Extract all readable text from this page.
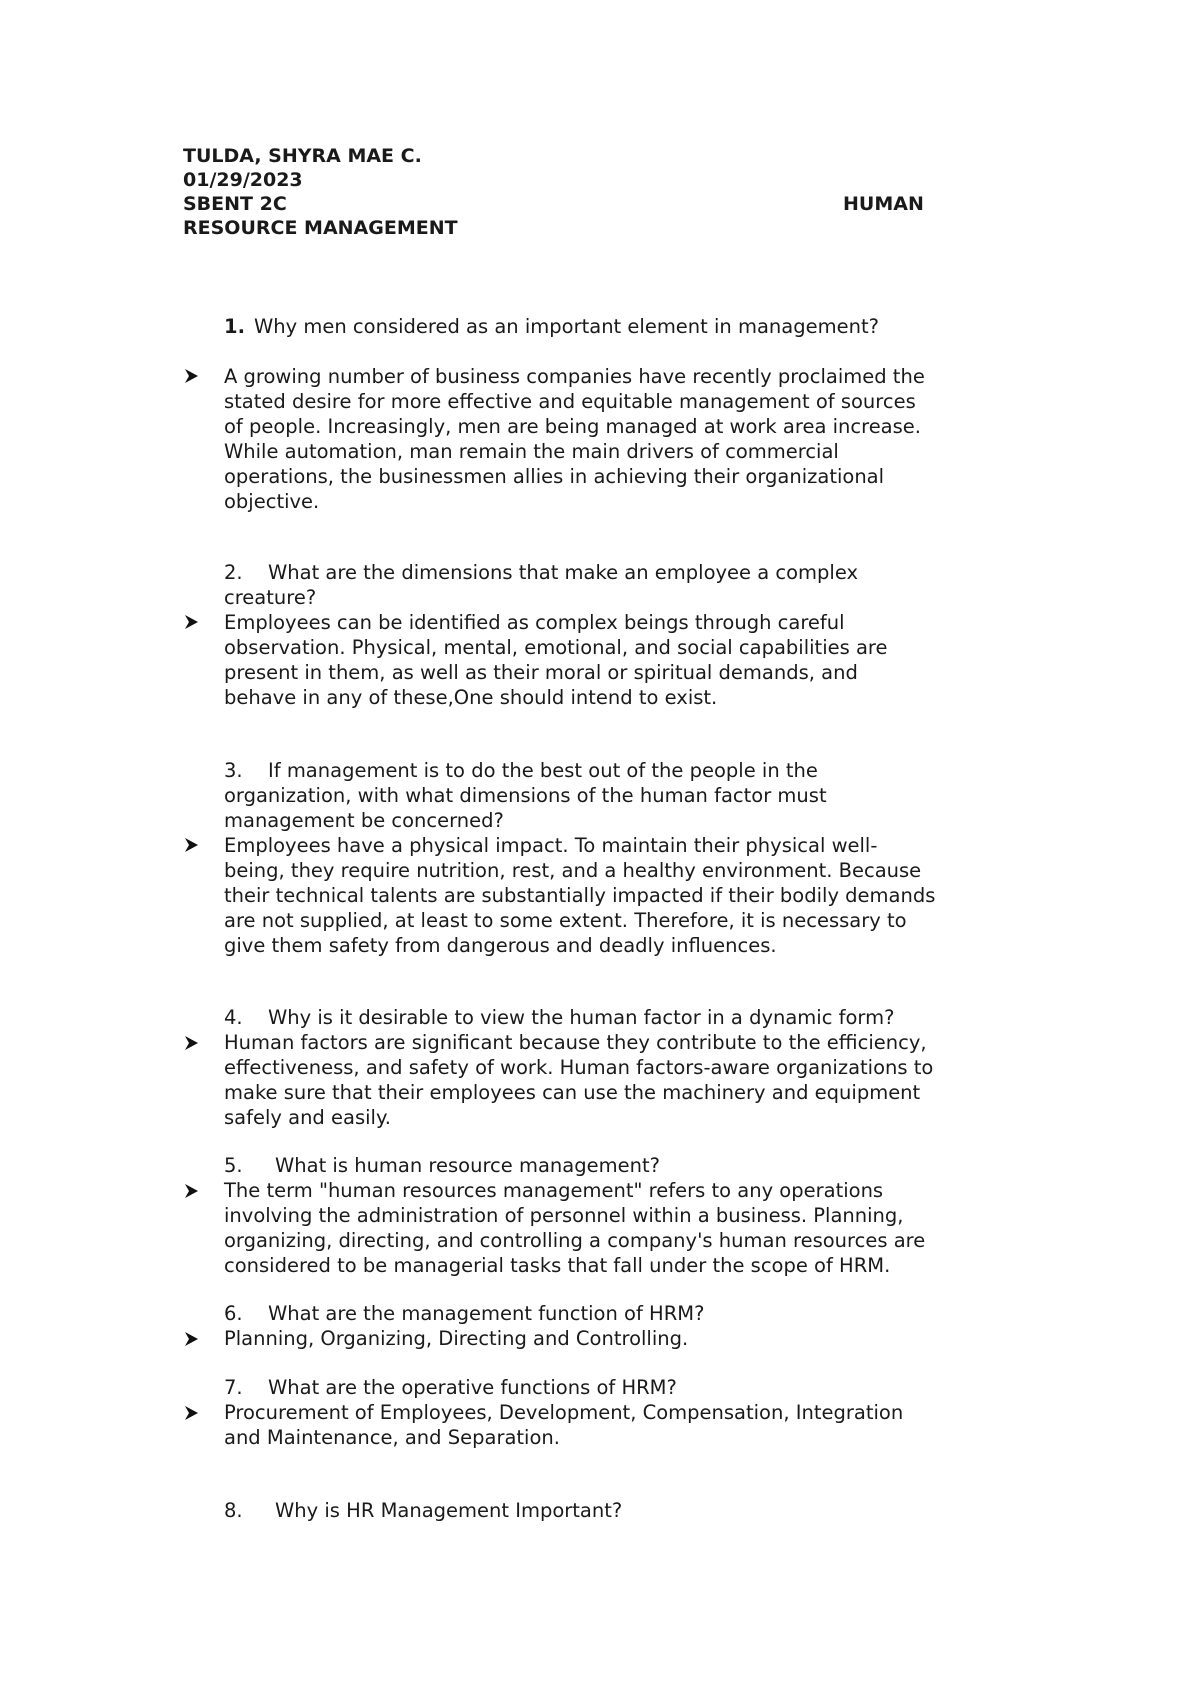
TULDA, SHYRA MAE C.
01/29/2023
SBENT 2C	HUMAN
RESOURCE MANAGEMENT
1. Why men considered as an important element in management?
A growing number of business companies have recently proclaimed the
stated desire for more effective and equitable management of sources
of people. Increasingly, men are being managed at work area increase.
While automation, man remain the main drivers of commercial
operations, the businessmen allies in achieving their organizational
objective.
2. What are the dimensions that make an employee a complex
creature?
Employees can be identified as complex beings through careful
observation. Physical, mental, emotional, and social capabilities are
present in them, as well as their moral or spiritual demands, and
behave in any of these,One should intend to exist.
3. If management is to do the best out of the people in the
organization, with what dimensions of the human factor must
management be concerned?
Employees have a physical impact. To maintain their physical well-
being, they require nutrition, rest, and a healthy environment. Because
their technical talents are substantially impacted if their bodily demands
are not supplied, at least to some extent. Therefore, it is necessary to
give them safety from dangerous and deadly influences.
4. Why is it desirable to view the human factor in a dynamic form?
Human factors are significant because they contribute to the efficiency,
effectiveness, and safety of work. Human factors-aware organizations to
make sure that their employees can use the machinery and equipment
safely and easily.
5. What is human resource management?
The term "human resources management" refers to any operations
involving the administration of personnel within a business. Planning,
organizing, directing, and controlling a company's human resources are
considered to be managerial tasks that fall under the scope of HRM.
6. What are the management function of HRM?
Planning, Organizing, Directing and Controlling.
7. What are the operative functions of HRM?
Procurement of Employees, Development, Compensation, Integration
and Maintenance, and Separation.
8. Why is HR Management Important?
